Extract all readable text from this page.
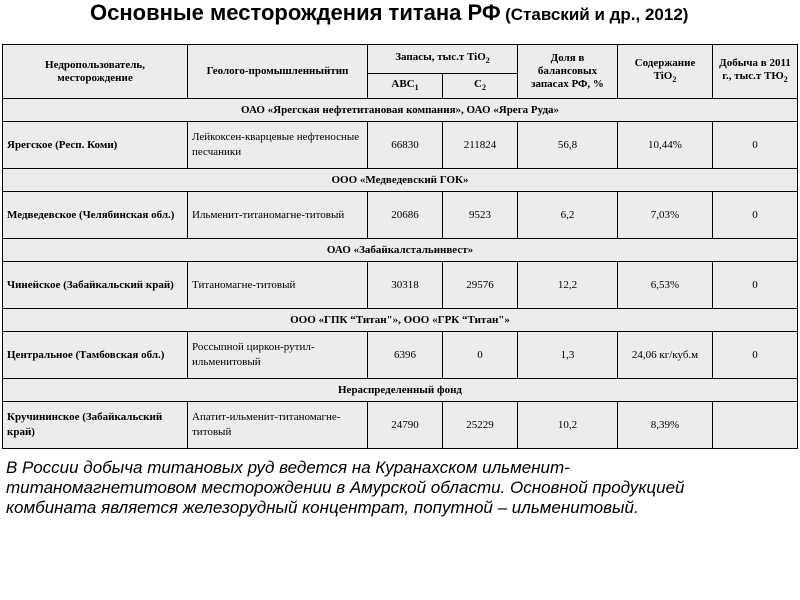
Основные месторождения титана РФ (Ставский и др., 2012)
Недропользователь, месторождение	Геолого-промышленныйтип	Запасы, тыс.т TiO$_2$		Доля в балансовых запасах РФ, %	Содержание TiO$_2$	Добыча в 2011 г., тыс.т $ТЮ_2$
		$ABC_1$	$C_2$
ОАО «Ярегская нефтетитановая компания», ОАО «Ярега Руда»						
Ярегское (Респ. Коми)	Лейкоксен-кварцевые нефтеносные песчаники	66830	211824	56,8	10,44%	0
ООО «Медведевский ГОК»						
Медведевское (Челябинская обл.)	Ильменит-титаномагне-титовый	20686	9523	6,2	7,03%	0
ОАО «Забайкалстальинвест»						
Чинейское (Забайкальский край)	Титаномагне-титовый	30318	29576	12,2	6,53%	0
ООО «ГПК “Титан"», ООО «ГРК “Титан"»						
Центральное (Тамбовская обл.)	Россыпной циркон-рутил-ильменитовый	6396	0	1,3	24,06 кг/куб.м	0
Нераспределенный фонд						
Кручининское (Забайкальский край)	Апатит-ильменит-титаномагне-титовый	24790	25229	10,2	8,39%	
В России добыча титановых руд ведется на Куранахском ильменит-титаномагнетитовом месторождении в Амурской области. Основной продукцией комбината является железорудный концентрат, попутной – ильменитовый.
